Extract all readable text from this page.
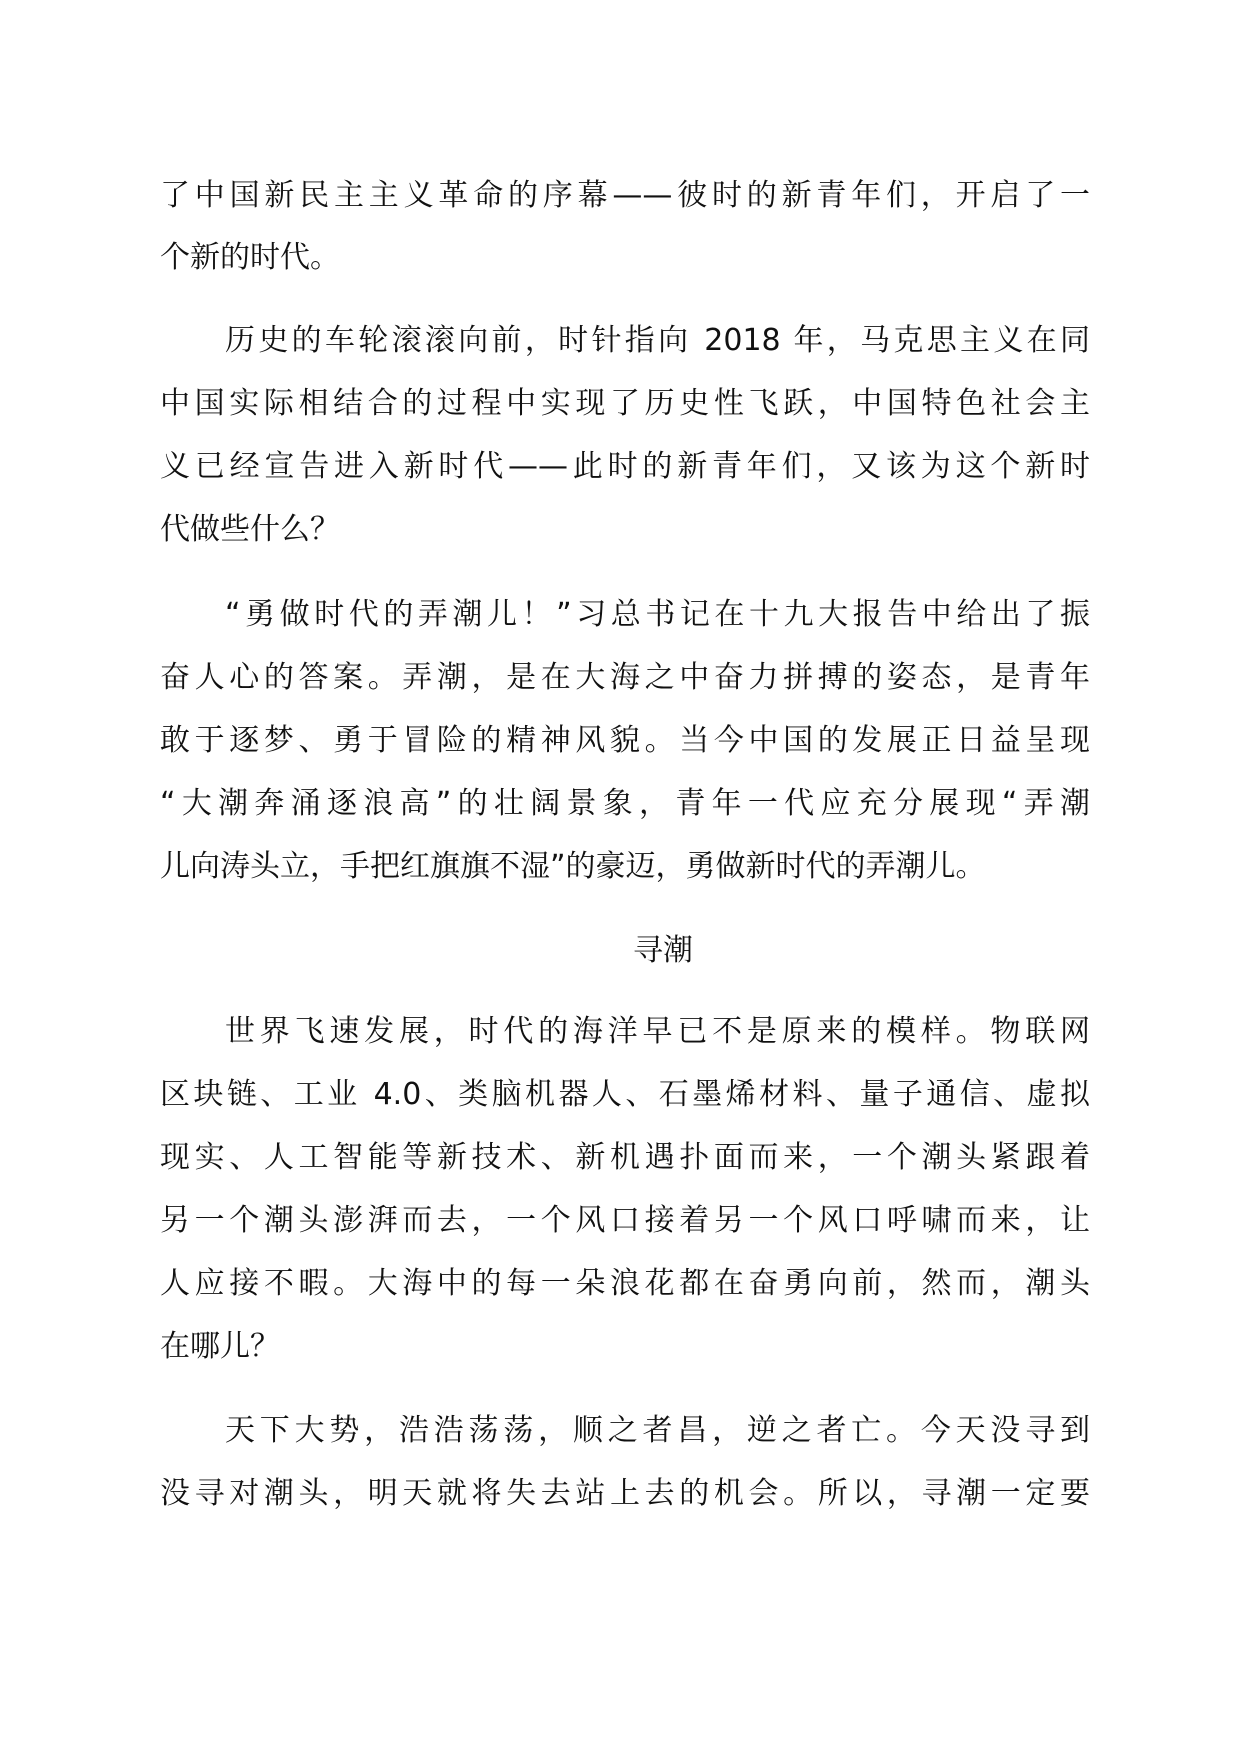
了中国新民主主义革命的序幕——彼时的新青年们，开启了一
个新的时代。
历史的车轮滚滚向前，时针指向 2018 年，马克思主义在同
中国实际相结合的过程中实现了历史性飞跃，中国特色社会主
义已经宣告进入新时代——此时的新青年们，又该为这个新时
代做些什么？
“勇做时代的弄潮儿！”习总书记在十九大报告中给出了振
奋人心的答案。弄潮，是在大海之中奋力拼搏的姿态，是青年
敢于逐梦、勇于冒险的精神风貌。当今中国的发展正日益呈现
“大潮奔涌逐浪高”的壮阔景象，青年一代应充分展现“弄潮
儿向涛头立，手把红旗旗不湿”的豪迈，勇做新时代的弄潮儿。
寻潮
世界飞速发展，时代的海洋早已不是原来的模样。物联网
区块链、工业 4.0、类脑机器人、石墨烯材料、量子通信、虚拟
现实、人工智能等新技术、新机遇扑面而来，一个潮头紧跟着
另一个潮头澎湃而去，一个风口接着另一个风口呼啸而来，让
人应接不暇。大海中的每一朵浪花都在奋勇向前，然而，潮头
在哪儿？
天下大势，浩浩荡荡，顺之者昌，逆之者亡。今天没寻到
没寻对潮头，明天就将失去站上去的机会。所以，寻潮一定要
